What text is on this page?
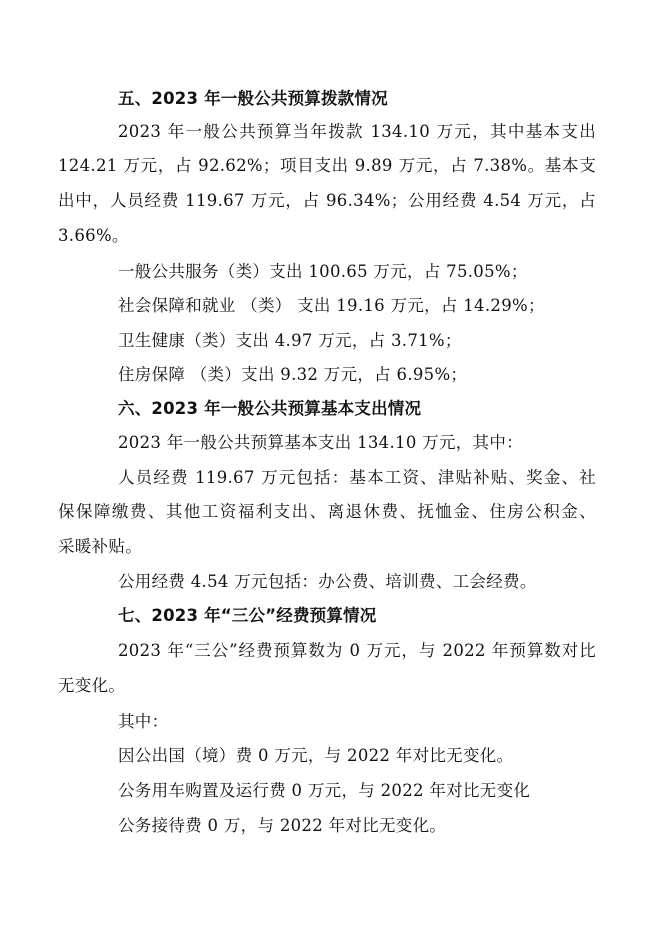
五、2023 年一般公共预算拨款情况
2023 年一般公共预算当年拨款 134.10 万元，其中基本支出
124.21 万元，占 92.62%；项目支出 9.89 万元，占 7.38%。基本支
出中，人员经费 119.67 万元，占 96.34%；公用经费 4.54 万元，占
3.66%。
一般公共服务（类）支出 100.65 万元，占 75.05%；
社会保障和就业 （类） 支出 19.16 万元，占 14.29%；
卫生健康（类）支出 4.97 万元，占 3.71%；
住房保障 （类）支出 9.32 万元，占 6.95%；
六、2023 年一般公共预算基本支出情况
2023 年一般公共预算基本支出 134.10 万元，其中：
人员经费 119.67 万元包括：基本工资、津贴补贴、奖金、社
保保障缴费、其他工资福利支出、离退休费、抚恤金、住房公积金、
采暖补贴。
公用经费 4.54 万元包括：办公费、培训费、工会经费。
七、2023 年“三公”经费预算情况
2023 年“三公”经费预算数为 0 万元，与 2022 年预算数对比
无变化。
其中：
因公出国（境）费 0 万元，与 2022 年对比无变化。
公务用车购置及运行费 0 万元，与 2022 年对比无变化
公务接待费 0 万，与 2022 年对比无变化。
